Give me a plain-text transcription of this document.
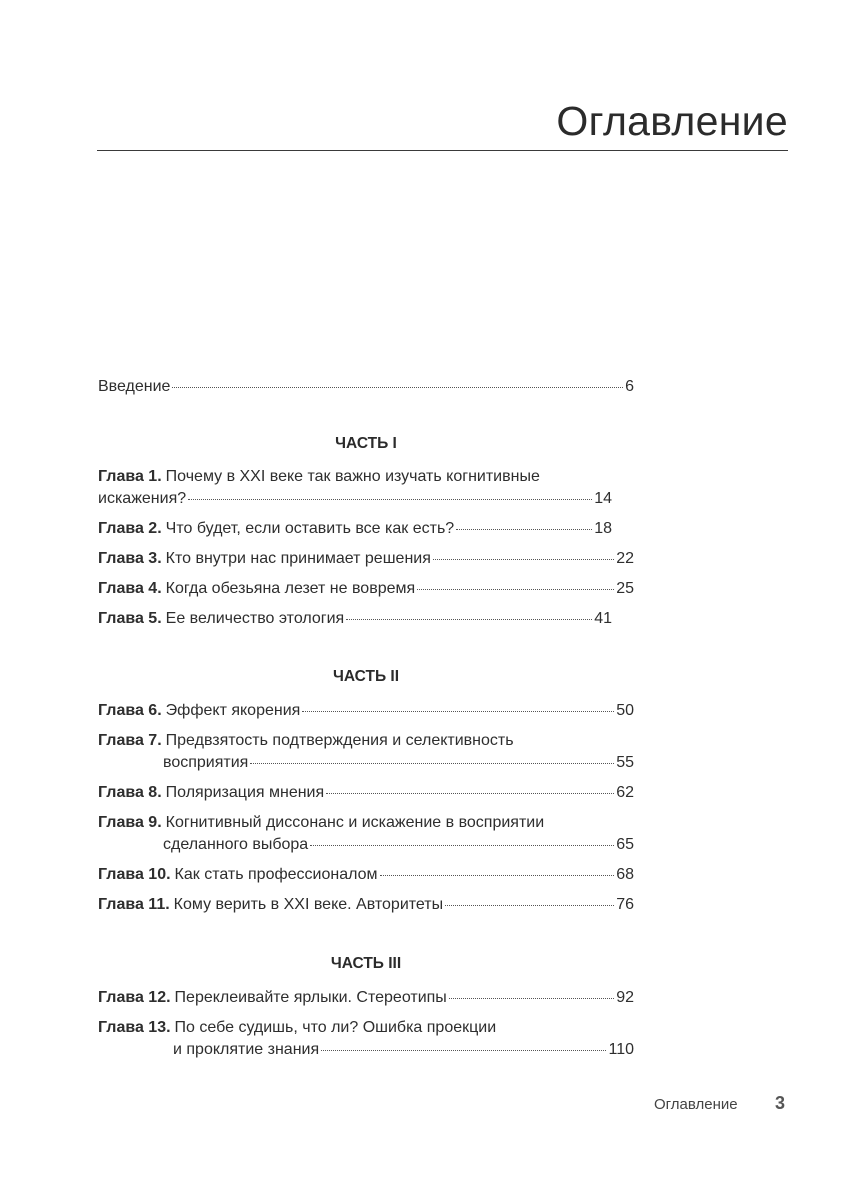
Оглавление
Введение	6
ЧАСТЬ I
Глава 1. Почему в XXI веке так важно изучать когнитивные
искажения?	14
Глава 2. Что будет, если оставить все как есть?	18
Глава 3. Кто внутри нас принимает решения	22
Глава 4. Когда обезьяна лезет не вовремя	25
Глава 5. Ее величество этология	41
ЧАСТЬ II
Глава 6. Эффект якорения	50
Глава 7. Предвзятость подтверждения и селективность
восприятия	55
Глава 8. Поляризация мнения	62
Глава 9. Когнитивный диссонанс и искажение в восприятии
сделанного выбора	65
Глава 10. Как стать профессионалом	68
Глава 11. Кому верить в XXI веке. Авторитеты	76
ЧАСТЬ III
Глава 12. Переклеивайте ярлыки. Стереотипы	92
Глава 13. По себе судишь, что ли? Ошибка проекции
и проклятие знания	110
Оглавление 3
